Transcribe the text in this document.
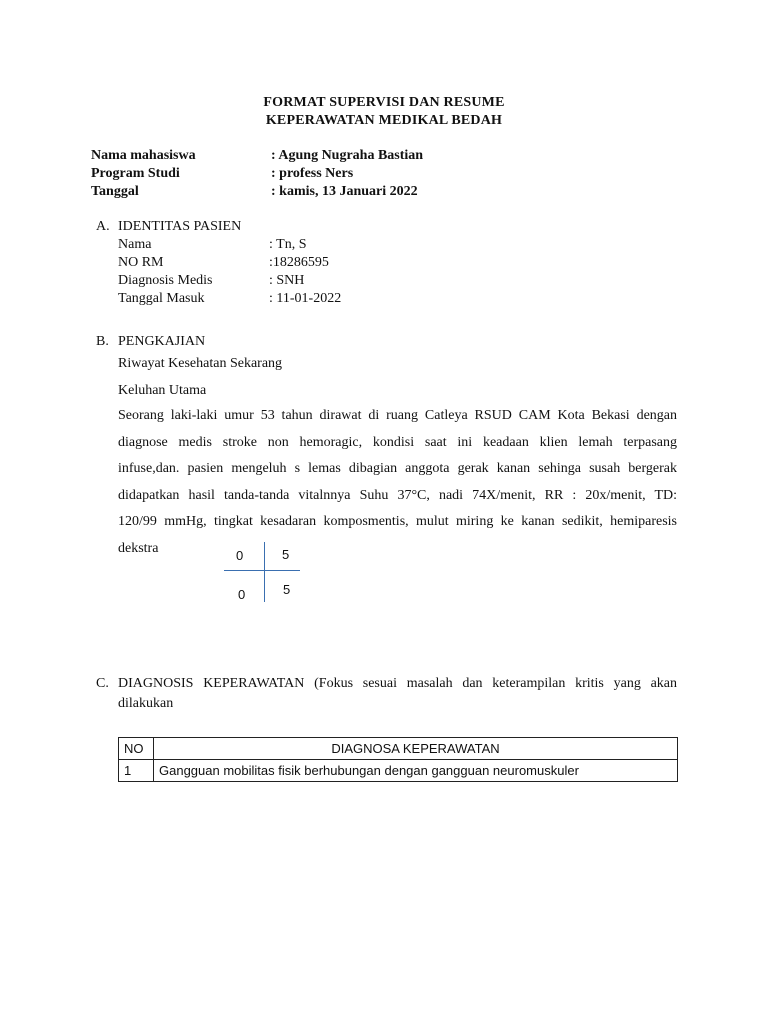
FORMAT SUPERVISI DAN RESUME
KEPERAWATAN MEDIKAL BEDAH
Nama mahasiswa	: Agung Nugraha Bastian
Program Studi	: profess Ners
Tanggal	: kamis, 13 Januari 2022
A. IDENTITAS PASIEN
Nama	: Tn, S
NO RM	:18286595
Diagnosis Medis	: SNH
Tanggal Masuk	: 11-01-2022
B. PENGKAJIAN
Riwayat Kesehatan Sekarang
Keluhan Utama
Seorang laki-laki umur 53 tahun dirawat di ruang Catleya RSUD CAM Kota Bekasi dengan
diagnose medis stroke non hemoragic, kondisi saat ini keadaan klien lemah terpasang
infuse,dan. pasien mengeluh s lemas dibagian anggota gerak kanan sehinga susah bergerak
didapatkan hasil tanda-tanda vitalnnya Suhu 37°C, nadi 74X/menit, RR : 20x/menit, TD:
120/99 mmHg, tingkat kesadaran komposmentis, mulut miring ke kanan sedikit, hemiparesis
dekstra	0	5
0	5
C. DIAGNOSIS KEPERAWATAN (Fokus sesuai masalah dan keterampilan kritis yang akan
dilakukan
NO	DIAGNOSA KEPERAWATAN
1	Gangguan mobilitas fisik berhubungan dengan gangguan neuromuskuler
